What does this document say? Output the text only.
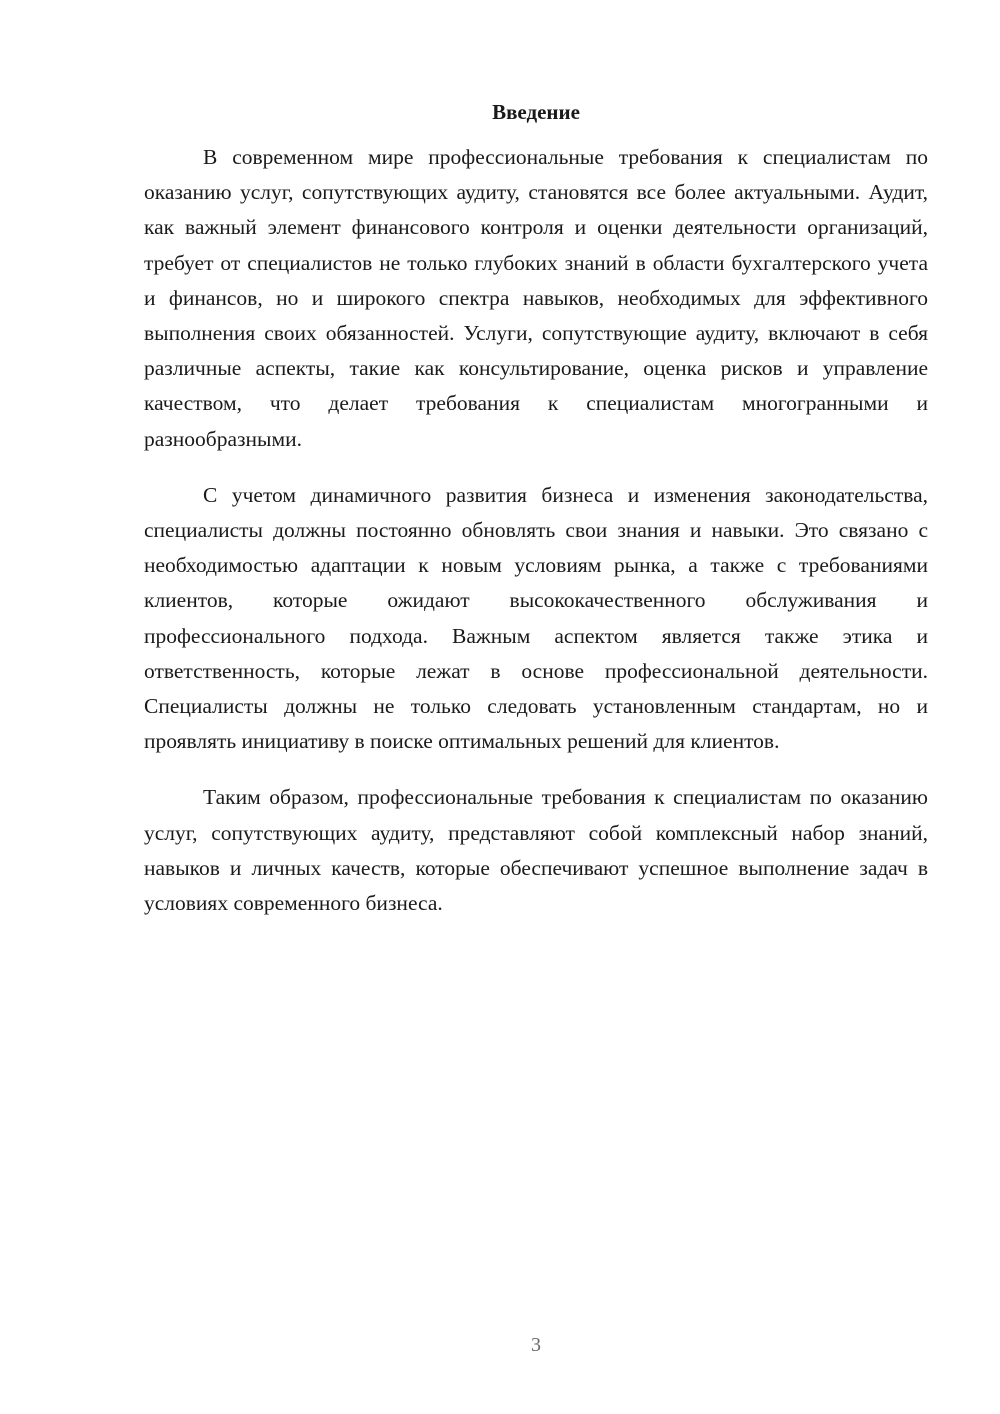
Введение

В современном мире профессиональные требования к специалистам по оказанию услуг, сопутствующих аудиту, становятся все более актуальными. Аудит, как важный элемент финансового контроля и оценки деятельности организаций, требует от специалистов не только глубоких знаний в области бухгалтерского учета и финансов, но и широкого спектра навыков, необходимых для эффективного выполнения своих обязанностей. Услуги, сопутствующие аудиту, включают в себя различные аспекты, такие как консультирование, оценка рисков и управление качеством, что делает требования к специалистам многогранными и разнообразными.

С учетом динамичного развития бизнеса и изменения законодательства, специалисты должны постоянно обновлять свои знания и навыки. Это связано с необходимостью адаптации к новым условиям рынка, а также с требованиями клиентов, которые ожидают высококачественного обслуживания и профессионального подхода. Важным аспектом является также этика и ответственность, которые лежат в основе профессиональной деятельности. Специалисты должны не только следовать установленным стандартам, но и проявлять инициативу в поиске оптимальных решений для клиентов.

Таким образом, профессиональные требования к специалистам по оказанию услуг, сопутствующих аудиту, представляют собой комплексный набор знаний, навыков и личных качеств, которые обеспечивают успешное выполнение задач в условиях современного бизнеса.

3
